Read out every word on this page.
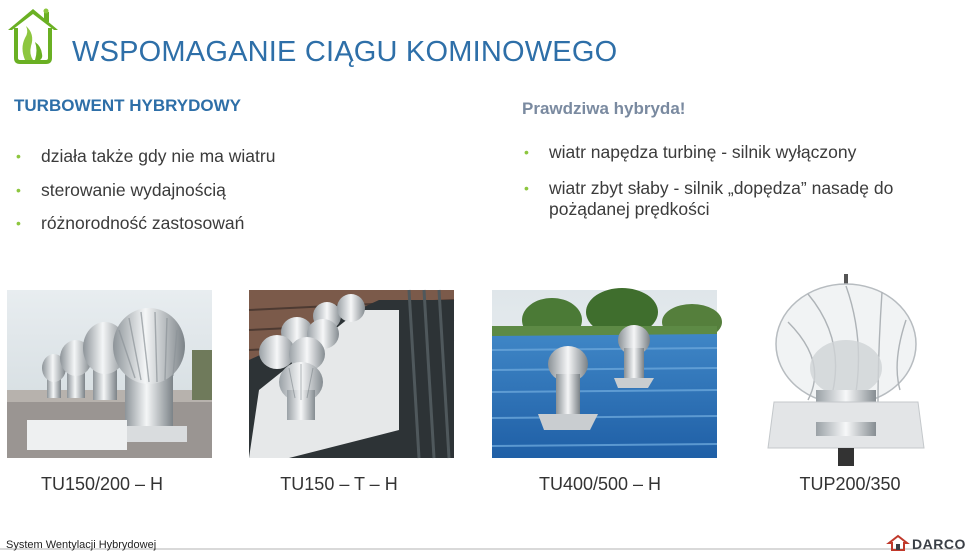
WSPOMAGANIE CIĄGU KOMINOWEGO
TURBOWENT HYBRYDOWY
• działa także gdy nie ma wiatru
• sterowanie wydajnością
• różnorodność zastosowań
Prawdziwa hybryda!
• wiatr napędza turbinę - silnik wyłączony
• wiatr zbyt słaby - silnik „dopędza” nasadę do pożądanej prędkości
TU150/200 – H	TU150 – T – H	TU400/500 – H	TUP200/350
System Wentylacji Hybrydowej	DARCO
